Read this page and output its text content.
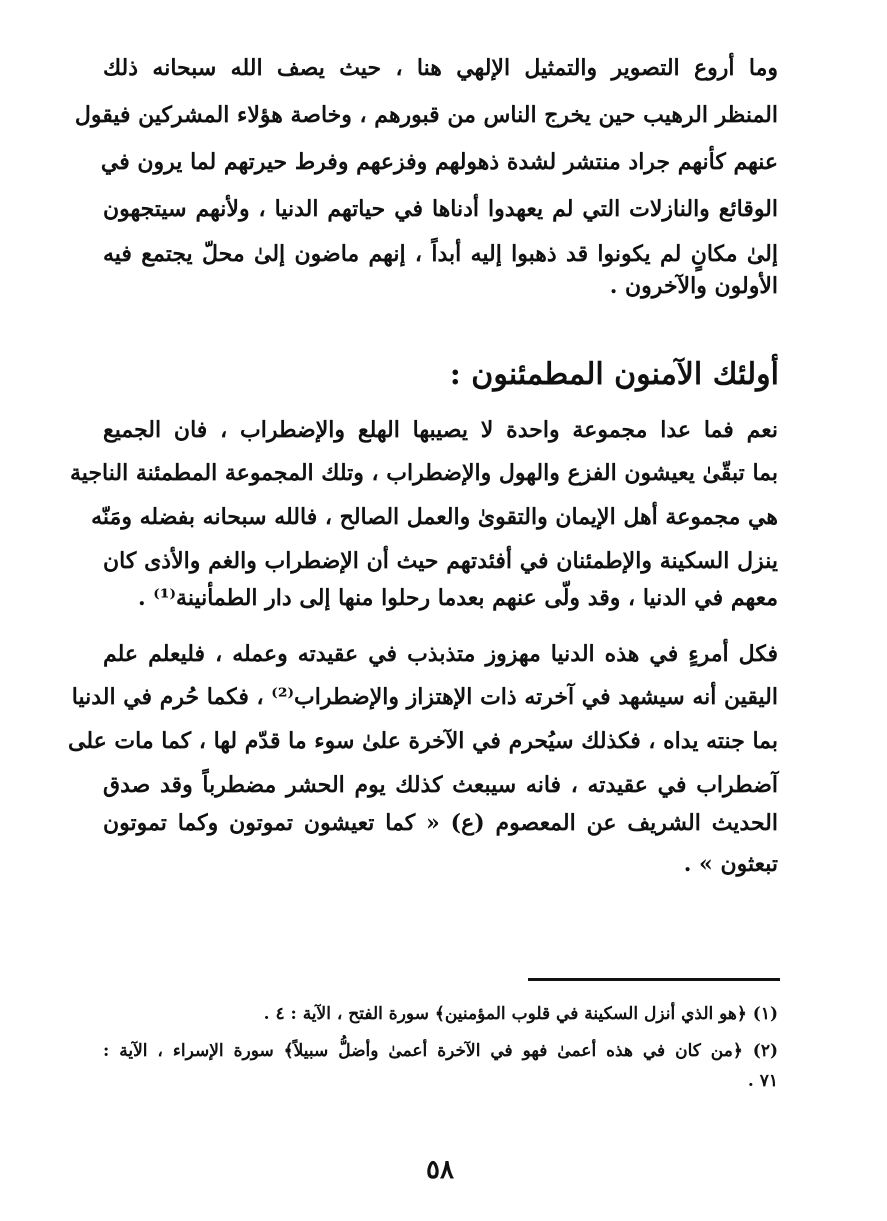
وما أروع التصوير والتمثيل الإلهي هنا ، حيث يصف الله سبحانه ذلك
المنظر الرهيب حين يخرج الناس من قبورهم ، وخاصة هؤلاء المشركين فيقول
عنهم كأنهم جراد منتشر لشدة ذهولهم وفزعهم وفرط حيرتهم لما يرون في
الوقائع والنازلات التي لم يعهدوا أدناها في حياتهم الدنيا ، ولأنهم سيتجهون
إلىٰ مكانٍ لم يكونوا قد ذهبوا إليه أبداً ، إنهم ماضون إلىٰ محلّ يجتمع فيه
الأولون والآخرون .
أولئك الآمنون المطمئنون :
نعم فما عدا مجموعة واحدة لا يصيبها الهلع والإضطراب ، فان الجميع
بما تبقّىٰ يعيشون الفزع والهول والإضطراب ، وتلك المجموعة المطمئنة الناجية
هي مجموعة أهل الإيمان والتقوىٰ والعمل الصالح ، فالله سبحانه بفضله ومَنّه
ينزل السكينة والإطمئنان في أفئدتهم حيث أن الإضطراب والغم والأذى كان
معهم في الدنيا ، وقد ولّى عنهم بعدما رحلوا منها إلى دار الطمأنينة⁽¹⁾ .
فكل أمرءٍ في هذه الدنيا مهزوز متذبذب في عقيدته وعمله ، فليعلم علم
اليقين أنه سيشهد في آخرته ذات الإهتزاز والإضطراب⁽²⁾ ، فكما حُرم في الدنيا
بما جنته يداه ، فكذلك سيُحرم في الآخرة علىٰ سوء ما قدّم لها ، كما مات على
آضطراب في عقيدته ، فانه سيبعث كذلك يوم الحشر مضطرباً وقد صدق
الحديث الشريف عن المعصوم (ع) « كما تعيشون تموتون وكما تموتون
تبعثون » .
(١) ﴿هو الذي أنزل السكينة في قلوب المؤمنين﴾ سورة الفتح ، الآية : ٤ .
(٢) ﴿من كان في هذه أعمىٰ فهو في الآخرة أعمىٰ وأضلُّ سبيلاً﴾ سورة الإسراء ، الآية :
٧١ .
٥٨
